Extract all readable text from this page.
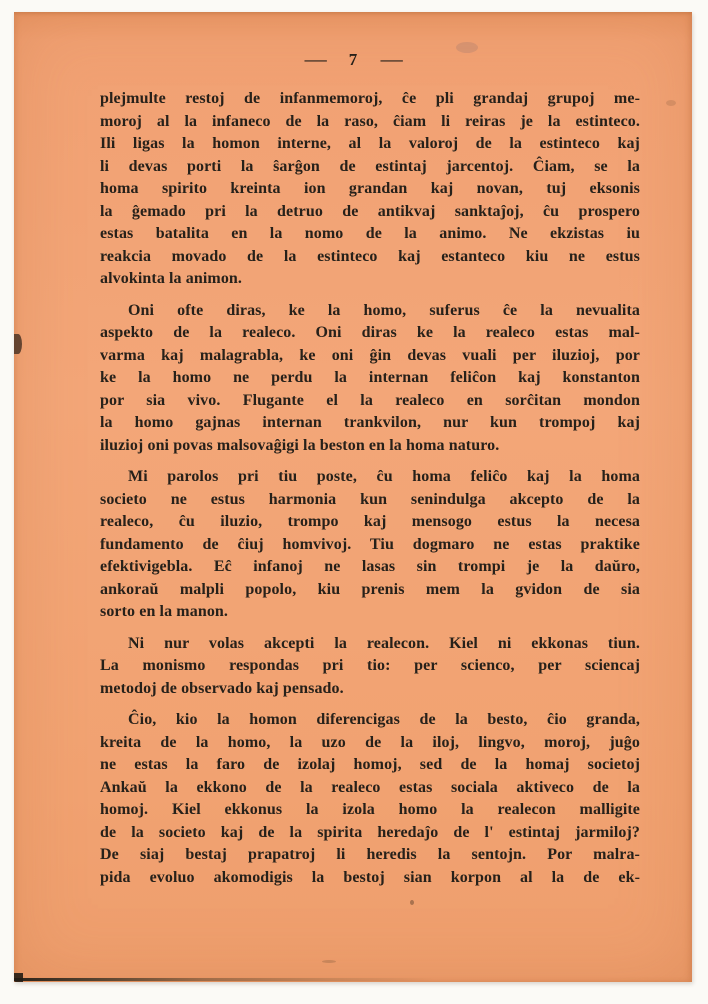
— 7 —

plejmulte restoj de infanmemoroj, ĉe pli grandaj grupoj me-
moroj al la infaneco de la raso, ĉiam li reiras je la estinteco.
Ili ligas la homon interne, al la valoroj de la estinteco kaj
li devas porti la ŝarĝon de estintaj jarcentoj. Ĉiam, se la
homa spirito kreinta ion grandan kaj novan, tuj eksonis
la ĝemado pri la detruo de antikvaj sanktaĵoj, ĉu prospero
estas batalita en la nomo de la animo. Ne ekzistas iu
reakcia movado de la estinteco kaj estanteco kiu ne estus
alvokinta la animon.

Oni ofte diras, ke la homo, suferus ĉe la nevualita
aspekto de la realeco. Oni diras ke la realeco estas mal-
varma kaj malagrabla, ke oni ĝin devas vuali per iluzioj, por
ke la homo ne perdu la internan feliĉon kaj konstanton
por sia vivo. Flugante el la realeco en sorĉitan mondon
la homo gajnas internan trankvilon, nur kun trompoj kaj
iluzioj oni povas malsovaĝigi la beston en la homa naturo.

Mi parolos pri tiu poste, ĉu homa feliĉo kaj la homa
societo ne estus harmonia kun senindulga akcepto de la
realeco, ĉu iluzio, trompo kaj mensogo estus la necesa
fundamento de ĉiuj homvivoj. Tiu dogmaro ne estas praktike
efektivigebla. Eĉ infanoj ne lasas sin trompi je la daŭro,
ankoraŭ malpli popolo, kiu prenis mem la gvidon de sia
sorto en la manon.

Ni nur volas akcepti la realecon. Kiel ni ekkonas tiun.
La monismo respondas pri tio: per scienco, per sciencaj
metodoj de observado kaj pensado.

Ĉio, kio la homon diferencigas de la besto, ĉio granda,
kreita de la homo, la uzo de la iloj, lingvo, moroj, juĝo
ne estas la faro de izolaj homoj, sed de la homaj societoj
Ankaŭ la ekkono de la realeco estas sociala aktiveco de la
homoj. Kiel ekkonus la izola homo la realecon malligite
de la societo kaj de la spirita heredaĵo de l' estintaj jarmiloj?
De siaj bestaj prapatroj li heredis la sentojn. Por malra-
pida evoluo akomodigis la bestoj sian korpon al la de ek-
